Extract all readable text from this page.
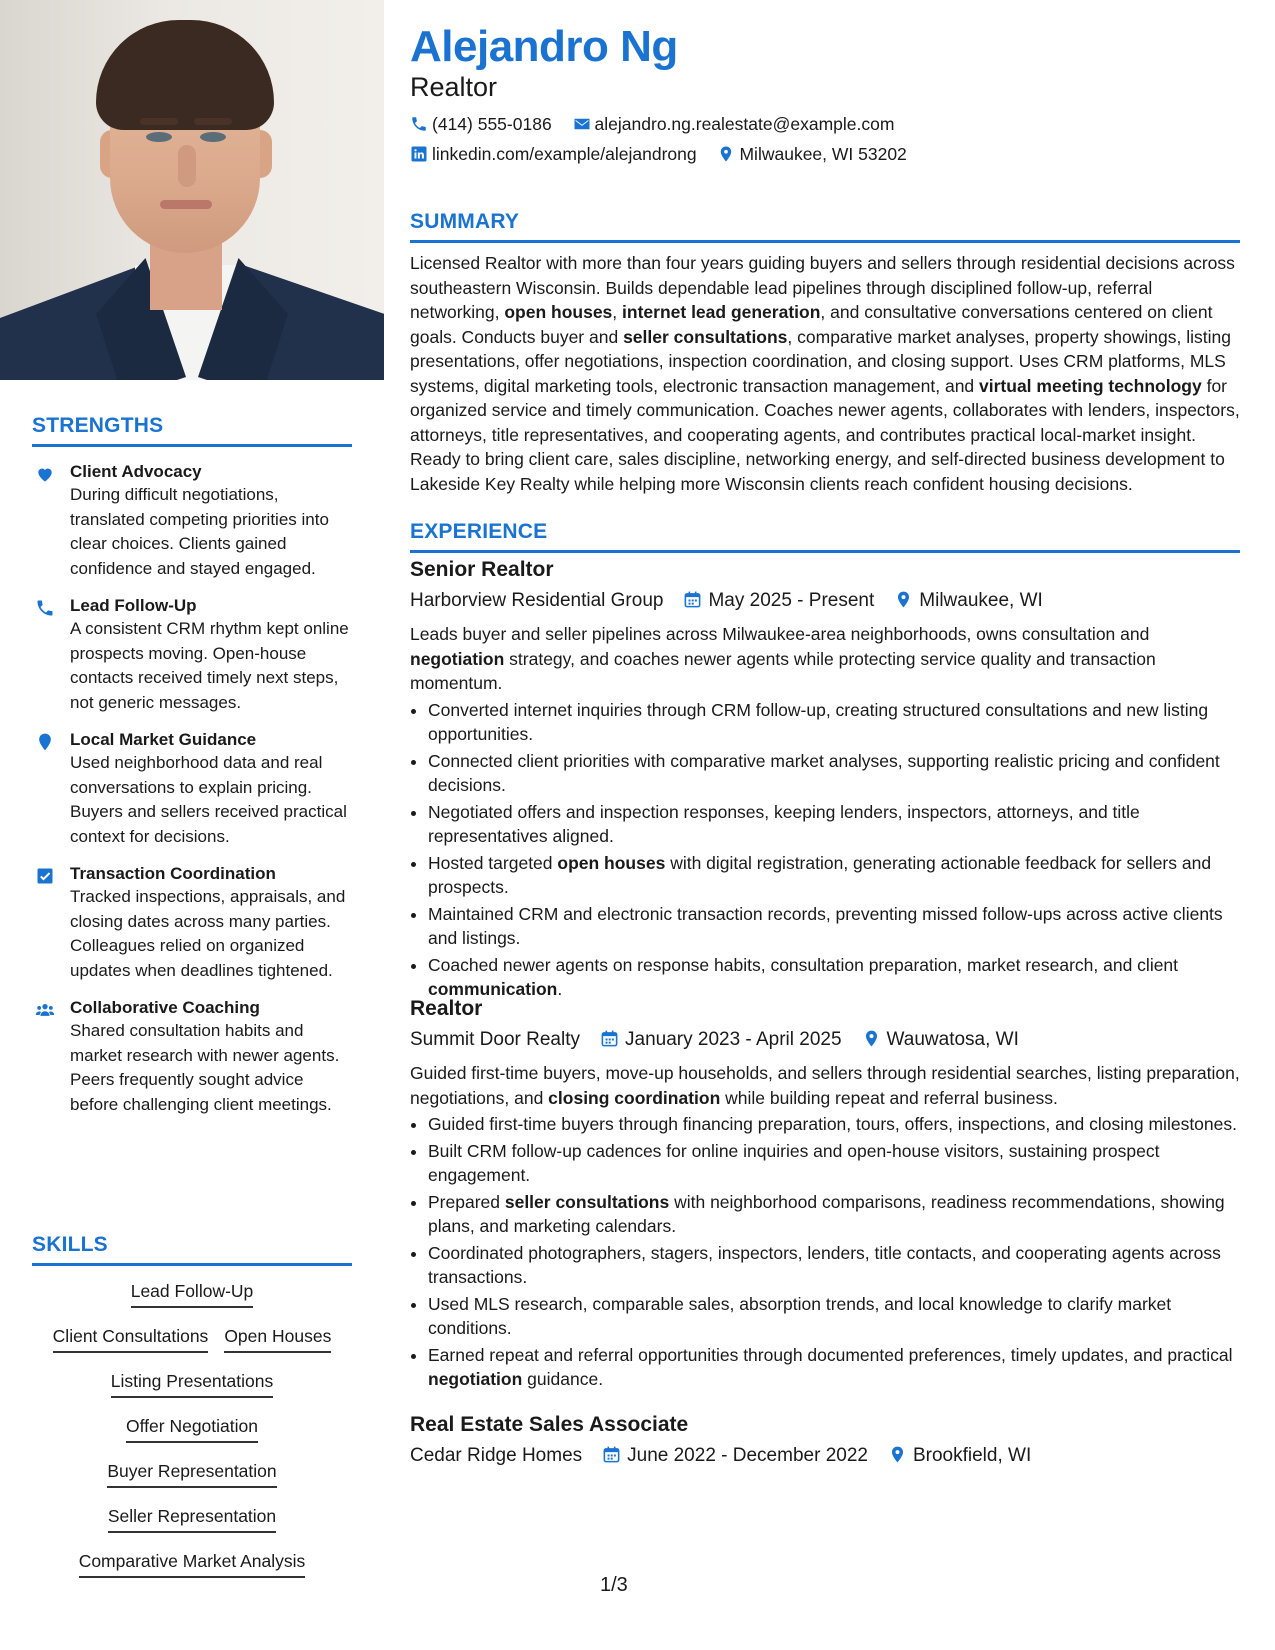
STRENGTHS
Client Advocacy
During difficult negotiations, translated competing priorities into clear choices. Clients gained confidence and stayed engaged.
Lead Follow-Up
A consistent CRM rhythm kept online prospects moving. Open-house contacts received timely next steps, not generic messages.
Local Market Guidance
Used neighborhood data and real conversations to explain pricing. Buyers and sellers received practical context for decisions.
Transaction Coordination
Tracked inspections, appraisals, and closing dates across many parties. Colleagues relied on organized updates when deadlines tightened.
Collaborative Coaching
Shared consultation habits and market research with newer agents. Peers frequently sought advice before challenging client meetings.
SKILLS
Lead Follow-Up
Client Consultations Open Houses
Listing Presentations
Offer Negotiation
Buyer Representation
Seller Representation
Comparative Market Analysis
Alejandro Ng
Realtor
(414) 555-0186 alejandro.ng.realestate@example.com
linkedin.com/example/alejandrong Milwaukee, WI 53202
SUMMARY
Licensed Realtor with more than four years guiding buyers and sellers through residential decisions across southeastern Wisconsin. Builds dependable lead pipelines through disciplined follow-up, referral networking, open houses, internet lead generation, and consultative conversations centered on client goals. Conducts buyer and seller consultations, comparative market analyses, property showings, listing presentations, offer negotiations, inspection coordination, and closing support. Uses CRM platforms, MLS systems, digital marketing tools, electronic transaction management, and virtual meeting technology for organized service and timely communication. Coaches newer agents, collaborates with lenders, inspectors, attorneys, title representatives, and cooperating agents, and contributes practical local-market insight. Ready to bring client care, sales discipline, networking energy, and self-directed business development to Lakeside Key Realty while helping more Wisconsin clients reach confident housing decisions.
EXPERIENCE
Senior Realtor
Harborview Residential Group May 2025 - Present Milwaukee, WI
Leads buyer and seller pipelines across Milwaukee-area neighborhoods, owns consultation and negotiation strategy, and coaches newer agents while protecting service quality and transaction momentum.
• Converted internet inquiries through CRM follow-up, creating structured consultations and new listing opportunities.
• Connected client priorities with comparative market analyses, supporting realistic pricing and confident decisions.
• Negotiated offers and inspection responses, keeping lenders, inspectors, attorneys, and title representatives aligned.
• Hosted targeted open houses with digital registration, generating actionable feedback for sellers and prospects.
• Maintained CRM and electronic transaction records, preventing missed follow-ups across active clients and listings.
• Coached newer agents on response habits, consultation preparation, market research, and client communication.
Realtor
Summit Door Realty January 2023 - April 2025 Wauwatosa, WI
Guided first-time buyers, move-up households, and sellers through residential searches, listing preparation, negotiations, and closing coordination while building repeat and referral business.
• Guided first-time buyers through financing preparation, tours, offers, inspections, and closing milestones.
• Built CRM follow-up cadences for online inquiries and open-house visitors, sustaining prospect engagement.
• Prepared seller consultations with neighborhood comparisons, readiness recommendations, showing plans, and marketing calendars.
• Coordinated photographers, stagers, inspectors, lenders, title contacts, and cooperating agents across transactions.
• Used MLS research, comparable sales, absorption trends, and local knowledge to clarify market conditions.
• Earned repeat and referral opportunities through documented preferences, timely updates, and practical negotiation guidance.
Real Estate Sales Associate
Cedar Ridge Homes June 2022 - December 2022 Brookfield, WI
1/3
